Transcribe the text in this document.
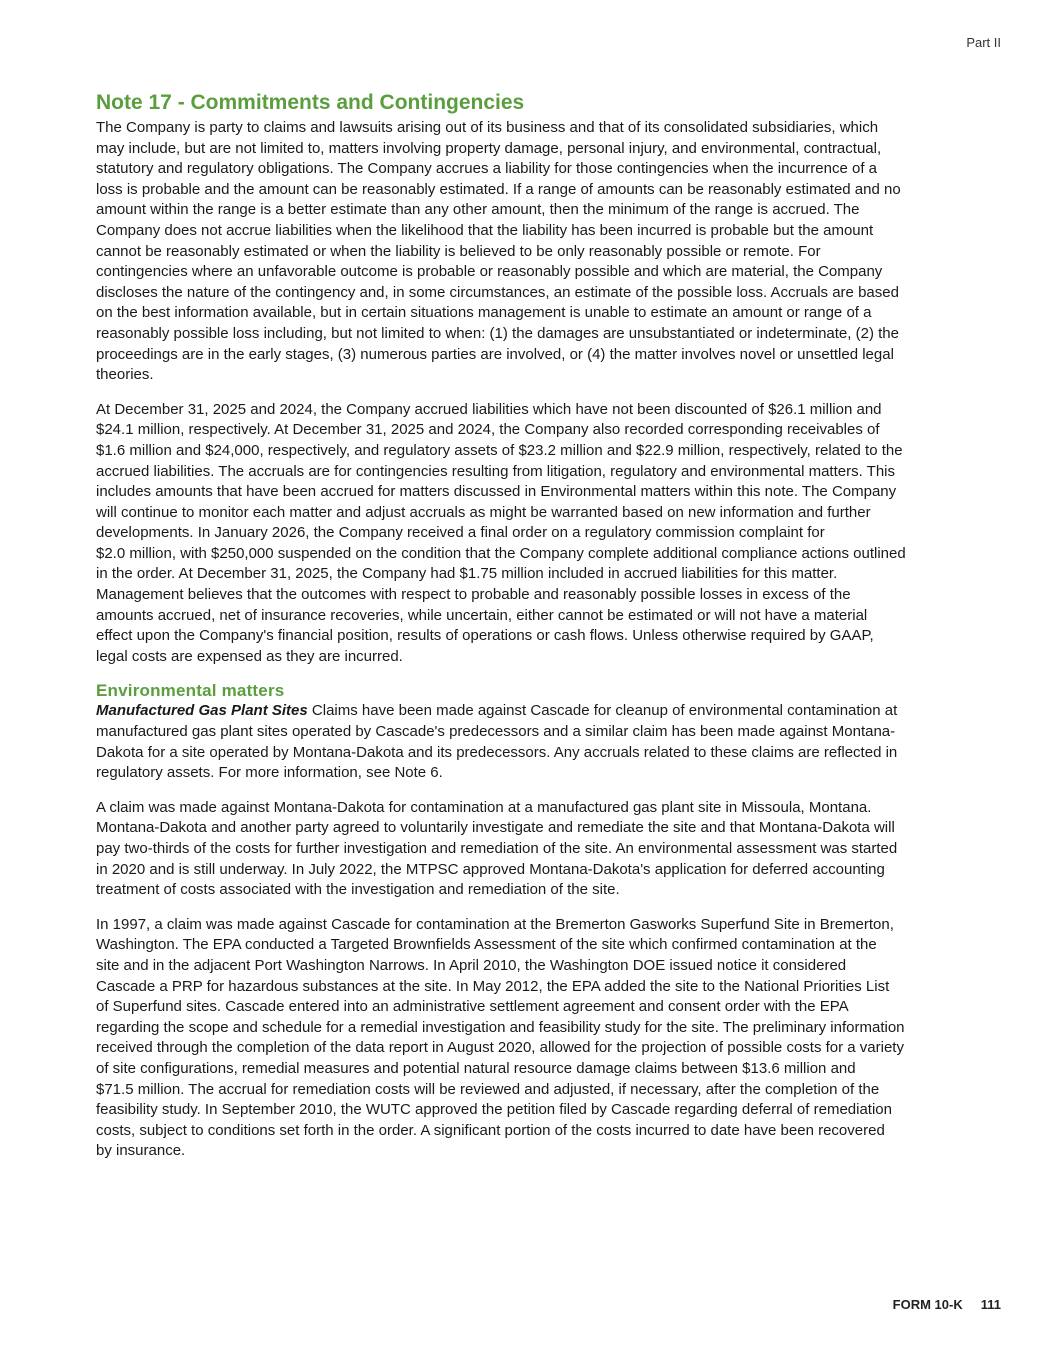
Part II
Note 17 - Commitments and Contingencies
The Company is party to claims and lawsuits arising out of its business and that of its consolidated subsidiaries, which
may include, but are not limited to, matters involving property damage, personal injury, and environmental, contractual,
statutory and regulatory obligations. The Company accrues a liability for those contingencies when the incurrence of a
loss is probable and the amount can be reasonably estimated. If a range of amounts can be reasonably estimated and no
amount within the range is a better estimate than any other amount, then the minimum of the range is accrued. The
Company does not accrue liabilities when the likelihood that the liability has been incurred is probable but the amount
cannot be reasonably estimated or when the liability is believed to be only reasonably possible or remote. For
contingencies where an unfavorable outcome is probable or reasonably possible and which are material, the Company
discloses the nature of the contingency and, in some circumstances, an estimate of the possible loss. Accruals are based
on the best information available, but in certain situations management is unable to estimate an amount or range of a
reasonably possible loss including, but not limited to when: (1) the damages are unsubstantiated or indeterminate, (2) the
proceedings are in the early stages, (3) numerous parties are involved, or (4) the matter involves novel or unsettled legal
theories.
At December 31, 2025 and 2024, the Company accrued liabilities which have not been discounted of $26.1 million and
$24.1 million, respectively. At December 31, 2025 and 2024, the Company also recorded corresponding receivables of
$1.6 million and $24,000, respectively, and regulatory assets of $23.2 million and $22.9 million, respectively, related to the
accrued liabilities. The accruals are for contingencies resulting from litigation, regulatory and environmental matters. This
includes amounts that have been accrued for matters discussed in Environmental matters within this note. The Company
will continue to monitor each matter and adjust accruals as might be warranted based on new information and further
developments. In January 2026, the Company received a final order on a regulatory commission complaint for
$2.0 million, with $250,000 suspended on the condition that the Company complete additional compliance actions outlined
in the order. At December 31, 2025, the Company had $1.75 million included in accrued liabilities for this matter.
Management believes that the outcomes with respect to probable and reasonably possible losses in excess of the
amounts accrued, net of insurance recoveries, while uncertain, either cannot be estimated or will not have a material
effect upon the Company's financial position, results of operations or cash flows. Unless otherwise required by GAAP,
legal costs are expensed as they are incurred.
Environmental matters
Manufactured Gas Plant Sites Claims have been made against Cascade for cleanup of environmental contamination at
manufactured gas plant sites operated by Cascade's predecessors and a similar claim has been made against Montana-
Dakota for a site operated by Montana-Dakota and its predecessors. Any accruals related to these claims are reflected in
regulatory assets. For more information, see Note 6.
A claim was made against Montana-Dakota for contamination at a manufactured gas plant site in Missoula, Montana.
Montana-Dakota and another party agreed to voluntarily investigate and remediate the site and that Montana-Dakota will
pay two-thirds of the costs for further investigation and remediation of the site. An environmental assessment was started
in 2020 and is still underway. In July 2022, the MTPSC approved Montana-Dakota's application for deferred accounting
treatment of costs associated with the investigation and remediation of the site.
In 1997, a claim was made against Cascade for contamination at the Bremerton Gasworks Superfund Site in Bremerton,
Washington. The EPA conducted a Targeted Brownfields Assessment of the site which confirmed contamination at the
site and in the adjacent Port Washington Narrows. In April 2010, the Washington DOE issued notice it considered
Cascade a PRP for hazardous substances at the site. In May 2012, the EPA added the site to the National Priorities List
of Superfund sites. Cascade entered into an administrative settlement agreement and consent order with the EPA
regarding the scope and schedule for a remedial investigation and feasibility study for the site. The preliminary information
received through the completion of the data report in August 2020, allowed for the projection of possible costs for a variety
of site configurations, remedial measures and potential natural resource damage claims between $13.6 million and
$71.5 million. The accrual for remediation costs will be reviewed and adjusted, if necessary, after the completion of the
feasibility study. In September 2010, the WUTC approved the petition filed by Cascade regarding deferral of remediation
costs, subject to conditions set forth in the order. A significant portion of the costs incurred to date have been recovered
by insurance.
FORM 10-K 111
